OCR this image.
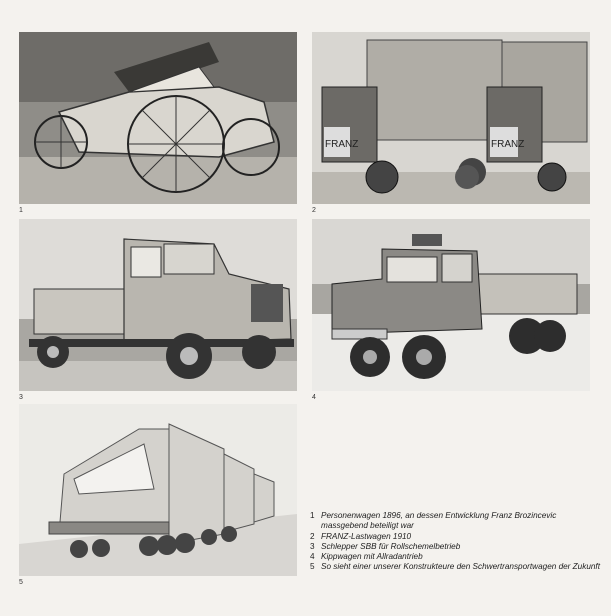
1
FRANZ	FRANZ
2
3	4
5
1 Personenwagen 1896, an dessen Entwicklung Franz Brozincevic massgebend beteiligt war
2 FRANZ-Lastwagen 1910
3 Schlepper SBB für Rollschemelbetrieb
4 Kippwagen mit Allradantrieb
5 So sieht einer unserer Konstrukteure den Schwertransportwagen der Zukunft
